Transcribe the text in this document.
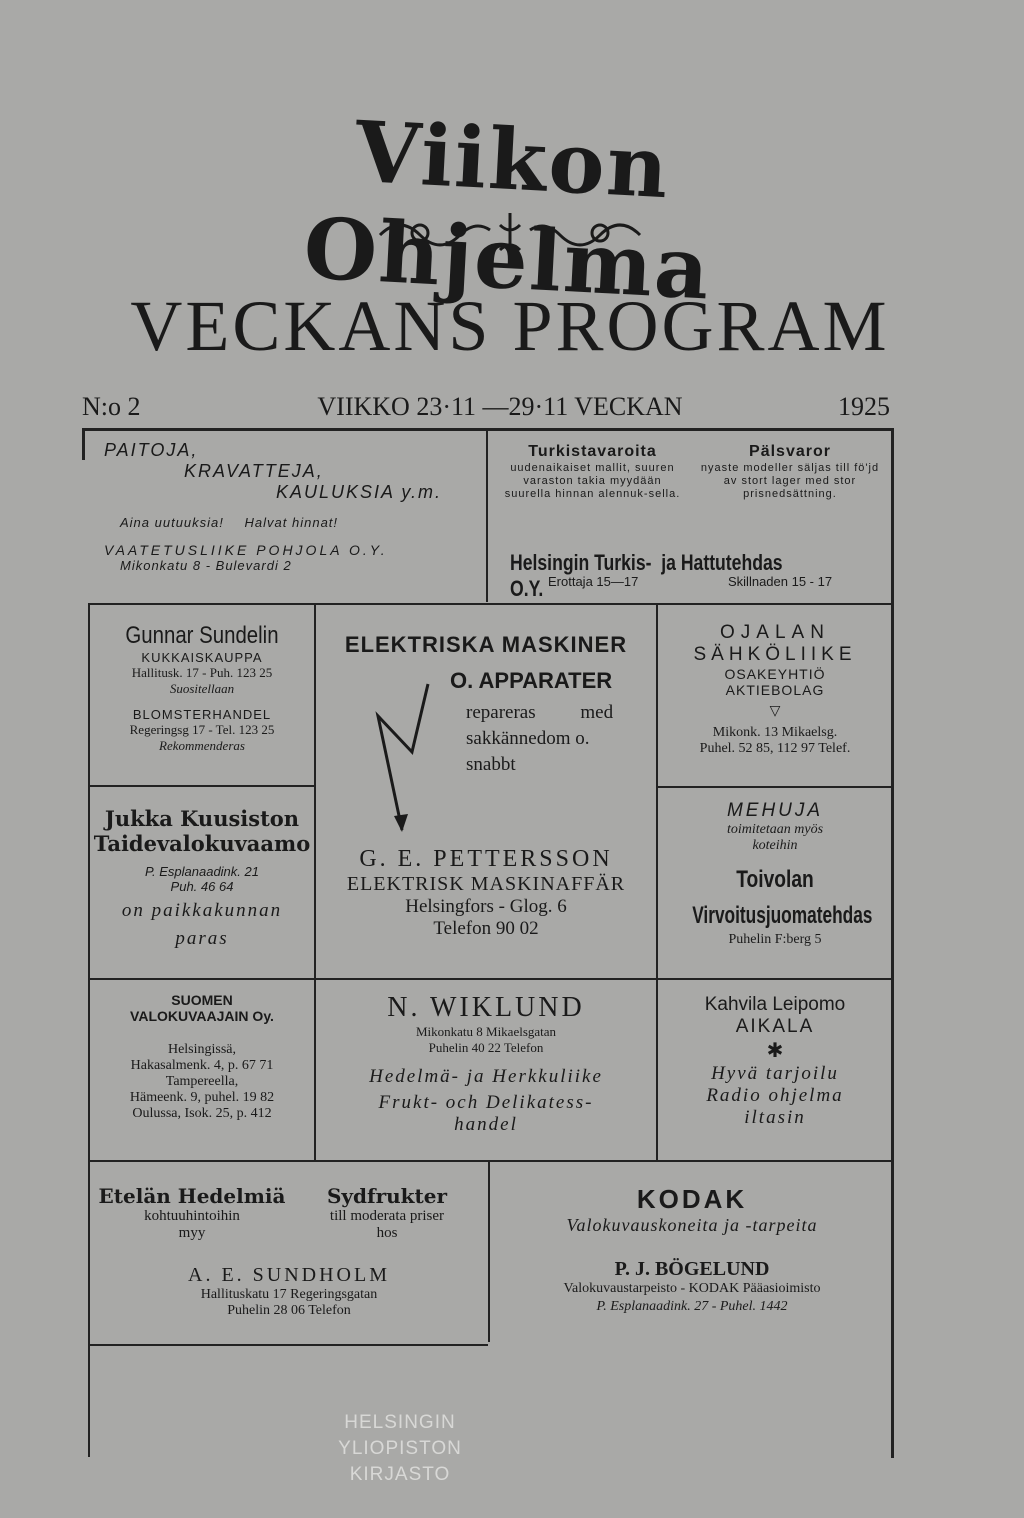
Viikon Ohjelma
VECKANS PROGRAM
N:o 2	VIIKKO 23·11 —29·11 VECKAN	1925
PAITOJA,
KRAVATTEJA,
KAULUKSIA y.m.
Aina uutuuksia! Halvat hinnat!
VAATETUSLIIKE POHJOLA O.Y.
Mikonkatu 8 - Bulevardi 2
Turkistavaroita
uudenaikaiset mallit, suuren varaston takia myydään suurella hinnan alennuk-sella.
Pälsvaror
nyaste modeller säljas till fö'jd av stort lager med stor prisnedsättning.
Helsingin Turkis- ja Hattutehdas O.Y. Erottaja 15—17	Skillnaden 15 - 17
Gunnar Sundelin
KUKKAISKAUPPA
Hallitusk. 17 - Puh. 123 25
Suositellaan
BLOMSTERHANDEL
Regeringsg 17 - Tel. 123 25
Rekommenderas
ELEKTRISKA MASKINER
O. APPARATER
repareras med
sakkännedom o.
snabbt
G. E. PETTERSSON
ELEKTRISK MASKINAFFÄR
Helsingfors - Glog. 6
Telefon 90 02
OJALAN
SÄHKÖLIIKE
OSAKEYHTIÖ
AKTIEBOLAG
▽
Mikonk. 13 Mikaelsg.
Puhel. 52 85, 112 97 Telef.
Jukka Kuusiston
Taidevalokuvaamo
P. Esplanaadink. 21
Puh. 46 64
on paikkakunnan
paras
MEHUJA
toimitetaan myös
koteihin
Toivolan
Virvoitusjuomatehdas
Puhelin F:berg 5
SUOMEN
VALOKUVAAJAIN Oy.
Helsingissä,
Hakasalmenk. 4, p. 67 71
Tampereella,
Hämeenk. 9, puhel. 19 82
Oulussa, Isok. 25, p. 412
N. WIKLUND
Mikonkatu 8 Mikaelsgatan
Puhelin 40 22 Telefon
Hedelmä- ja Herkkuliike
Frukt- och Delikatess-
handel
Kahvila Leipomo
AIKALA
✱
Hyvä tarjoilu
Radio ohjelma
iltasin
Etelän Hedelmiä
kohtuuhintoihin
myy
Sydfrukter
till moderata priser
hos
A. E. SUNDHOLM
Hallituskatu 17 Regeringsgatan
Puhelin 28 06 Telefon
KODAK
Valokuvauskoneita ja -tarpeita
P. J. BÖGELUND
Valokuvaustarpeisto - KODAK Pääasioimisto
P. Esplanaadink. 27 - Puhel. 1442
HELSINGIN
YLIOPISTON
KIRJASTO
